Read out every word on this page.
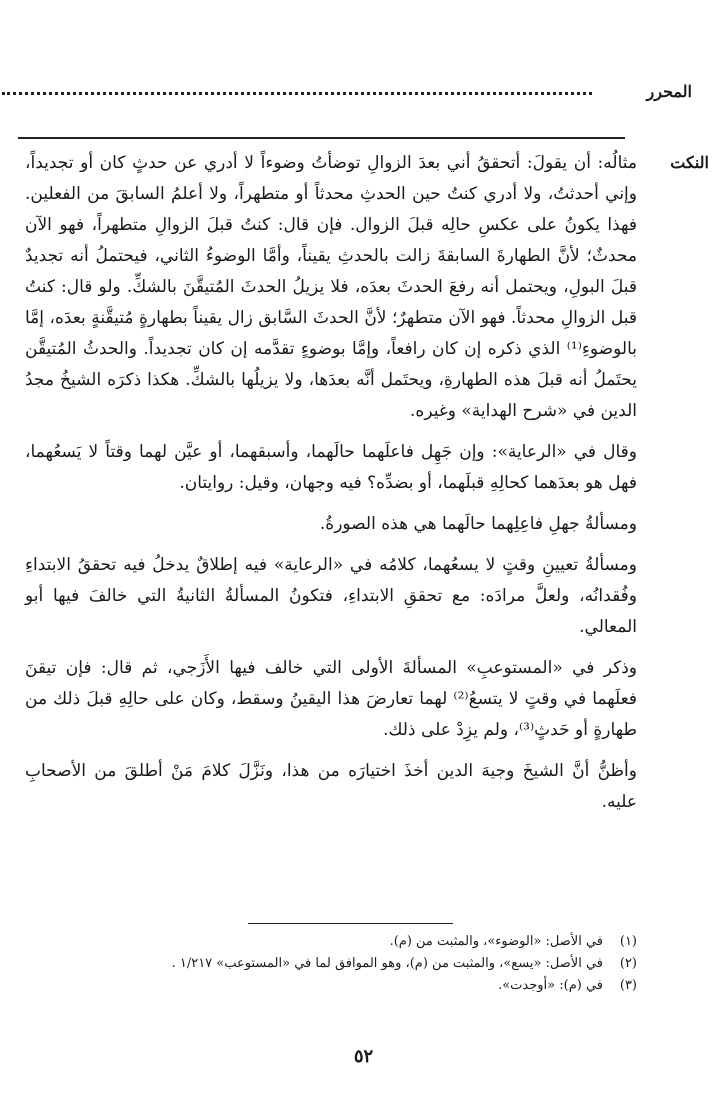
المحرر
النكت

مثالُه: أن يقولَ: أتحققُ أني بعدَ الزوالِ توضأتُ وضوءاً لا أدري عن حدثٍ كان أو تجديداً، وإني أحدثتُ، ولا أدري كنتُ حين الحدثِ محدثاً أو متطهراً، ولا أعلمُ السابقَ من الفعلين. فهذا يكونُ على عكسِ حالِه قبلَ الزوال. فإن قال: كنتُ قبلَ الزوالِ متطهراً، فهو الآن محدثٌ؛ لأنَّ الطهارةَ السابقةَ زالت بالحدثِ يقيناً، وأمَّا الوضوءُ الثاني، فيحتملُ أنه تجديدٌ قبلَ البولِ، ويحتمل أنه رفعَ الحدثَ بعدَه، فلا يزيلُ الحدثَ المُتيقَّنَ بالشكِّ. ولو قال: كنتُ قبل الزوالِ محدثاً. فهو الآن متطهرٌ؛ لأنَّ الحدثَ السَّابق زال يقيناً بطهارةٍ مُتيقَّنةٍ بعدَه، إمَّا بالوضوءِ⁽¹⁾ الذي ذكره إن كان رافعاً، وإمَّا بوضوءٍ تقدَّمه إن كان تجديداً. والحدثُ المُتيقَّن يحتَملُ أنه قبلَ هذه الطهارةِ، ويحتَمل أنَّه بعدَها، ولا يزيلُها بالشكِّ. هكذا ذكرَه الشيخُ مجدُ الدين في «شرح الهداية» وغيره.

وقال في «الرعاية»: وإن جَهِل فاعلَهما حالَهما، وأسبقهما، أو عيَّن لهما وقتاً لا يَسعُهما، فهل هو بعدَهما كحالِهِ قبلَهما، أو بضدِّه؟ فيه وجهان، وقيل: روايتان.

ومسألةُ جهلِ فاعِلِهما حالَهما هي هذه الصورةُ.

ومسألةُ تعيينِ وقتٍ لا يسعُهما، كلامُه في «الرعاية» فيه إطلاقٌ يدخلُ فيه تحققُ الابتداءِ وفُقدانُه، ولعلَّ مرادَه: مع تحققِ الابتداءِ، فتكونُ المسألةُ الثانيةُ التي خالفَ فيها أبو المعالي.

وذكر في «المستوعبِ» المسألةَ الأولى التي خالف فيها الأَزَجي، ثم قال: فإن تيقنَ فعلَهما في وقتٍ لا يتسعُ⁽²⁾ لهما تعارضَ هذا اليقينُ وسقط، وكان على حالِهِ قبلَ ذلك من طهارةٍ أو حَدثٍ⁽³⁾، ولم يزِدْ على ذلك.

وأظنُّ أنَّ الشيخَ وجيهَ الدين أخذَ اختيارَه من هذا، ونَزَّلَ كلامَ مَنْ أطلقَ من الأصحابِ عليه.

(١)
في الأصل: «الوضوء»، والمثبت من (م).
(٢)
في الأصل: «يسع»، والمثبت من (م)، وهو الموافق لما في «المستوعب» ١/٢١٧ .
(٣)
في (م): «أوجدت».
٥٢
